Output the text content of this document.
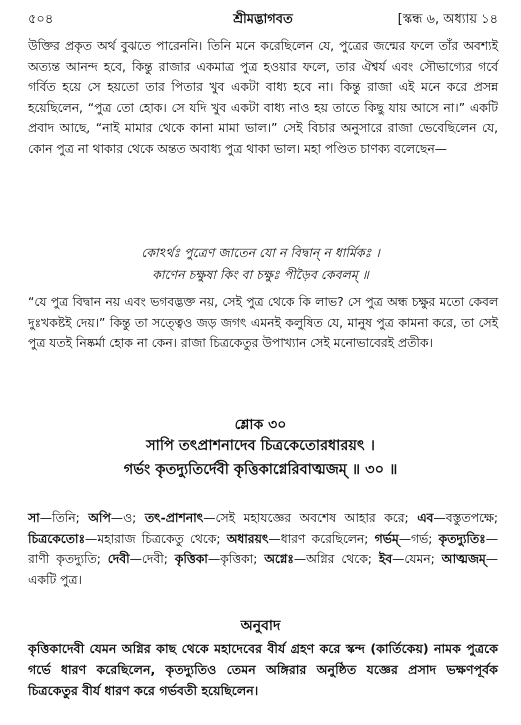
৫০৪	শ্রীমদ্ভাগবত	[স্কন্ধ ৬, অধ্যায় ১৪

উক্তির প্রকৃত অর্থ বুঝতে পারেননি। তিনি মনে করেছিলেন যে, পুত্রের জন্মের ফলে তাঁর অবশ্যই অত্যন্ত আনন্দ হবে, কিন্তু রাজার একমাত্র পুত্র হওয়ার ফলে, তার ঐশ্বর্য এবং সৌভাগ্যের গর্বে গর্বিত হয়ে সে হয়তো তার পিতার খুব একটা বাধ্য হবে না। কিন্তু রাজা এই মনে করে প্রসন্ন হয়েছিলেন, “পুত্র তো হোক। সে যদি খুব একটা বাধ্য নাও হয় তাতে কিছু যায় আসে না।” একটি প্রবাদ আছে, “নাই মামার থেকে কানা মামা ভাল।” সেই বিচার অনুসারে রাজা ভেবেছিলেন যে, কোন পুত্র না থাকার থেকে অন্তত অবাধ্য পুত্র থাকা ভাল। মহা পণ্ডিত চাণক্য বলেছেন—

কোঽর্থঃ পুত্রেণ জাতেন যো ন বিদ্বান্ ন ধার্মিকঃ ।
কাণেন চক্ষুষা কিং বা চক্ষুঃ পীড়ৈব কেবলম্ ॥

“যে পুত্র বিদ্বান নয় এবং ভগবদ্ভক্ত নয়, সেই পুত্র থেকে কি লাভ? সে পুত্র অন্ধ চক্ষুর মতো কেবল দুঃখকষ্টই দেয়।” কিন্তু তা সত্ত্বেও জড় জগৎ এমনই কলুষিত যে, মানুষ পুত্র কামনা করে, তা সেই পুত্র যতই নিষ্কর্মা হোক না কেন। রাজা চিত্রকেতুর উপাখ্যান সেই মনোভাবেরই প্রতীক।

শ্লোক ৩০
সাপি তৎপ্রাশনাদেব চিত্রকেতোরধারয়ৎ ।
গর্ভং কৃতদ্যুতির্দেবী কৃত্তিকাগ্নেরিবাত্মজম্ ॥ ৩০ ॥

সা—তিনি; অপি—ও; তৎ-প্রাশনাৎ—সেই মহাযজ্ঞের অবশেষ আহার করে; এব—বস্তুতপক্ষে; চিত্রকেতোঃ—মহারাজ চিত্রকেতু থেকে; অধারয়ৎ—ধারণ করেছিলেন; গর্ভম্—গর্ভ; কৃতদ্যুতিঃ—রাণী কৃতদ্যুতি; দেবী—দেবী; কৃত্তিকা—কৃত্তিকা; অগ্নেঃ—অগ্নির থেকে; ইব—যেমন; আত্মজম্—একটি পুত্র।

অনুবাদ

কৃত্তিকাদেবী যেমন অগ্নির কাছ থেকে মহাদেবের বীর্য গ্রহণ করে স্কন্দ (কার্তিকেয়) নামক পুত্রকে গর্ভে ধারণ করেছিলেন, কৃতদ্যুতিও তেমন অঙ্গিরার অনুষ্ঠিত যজ্ঞের প্রসাদ ভক্ষণপূর্বক চিত্রকেতুর বীর্য ধারণ করে গর্ভবতী হয়েছিলেন।
